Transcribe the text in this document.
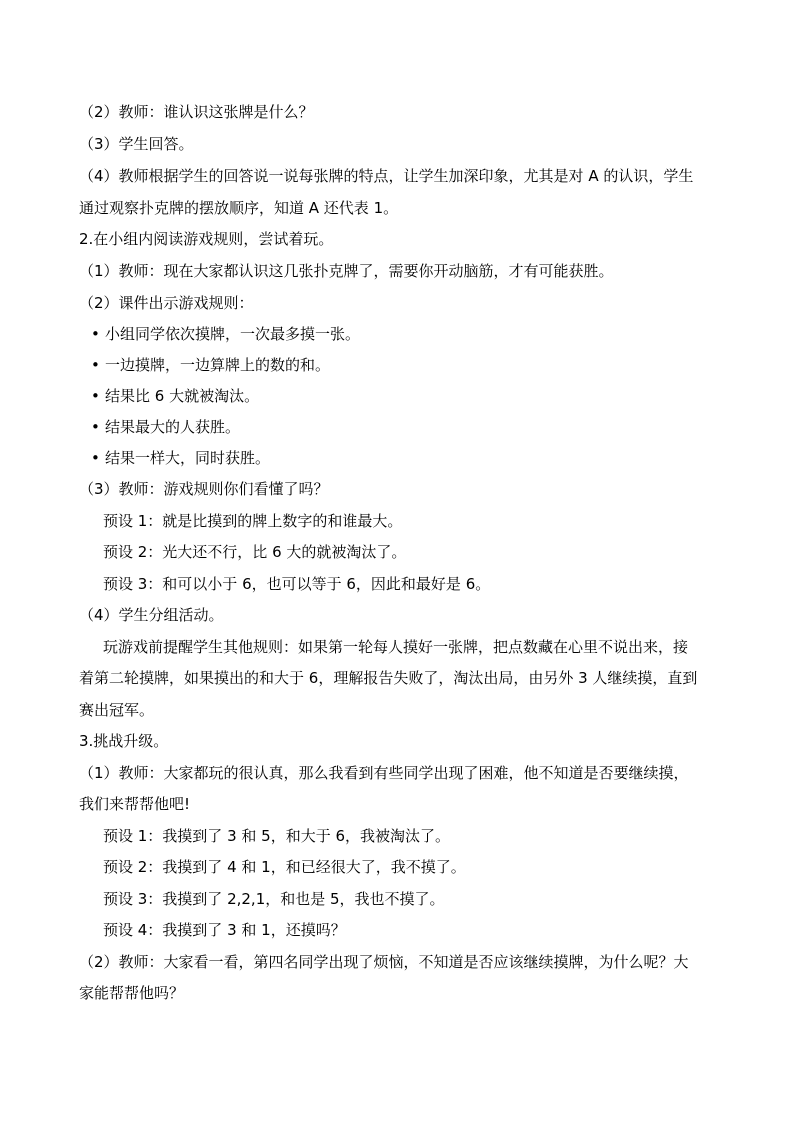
（2）教师：谁认识这张牌是什么？
（3）学生回答。
（4）教师根据学生的回答说一说每张牌的特点，让学生加深印象，尤其是对 A 的认识，学生
通过观察扑克牌的摆放顺序，知道 A 还代表 1。
2.在小组内阅读游戏规则，尝试着玩。
（1）教师：现在大家都认识这几张扑克牌了，需要你开动脑筋，才有可能获胜。
（2）课件出示游戏规则：
• 小组同学依次摸牌，一次最多摸一张。
• 一边摸牌，一边算牌上的数的和。
• 结果比 6 大就被淘汰。
• 结果最大的人获胜。
• 结果一样大，同时获胜。
（3）教师：游戏规则你们看懂了吗？
预设 1：就是比摸到的牌上数字的和谁最大。
预设 2：光大还不行，比 6 大的就被淘汰了。
预设 3：和可以小于 6，也可以等于 6，因此和最好是 6。
（4）学生分组活动。
玩游戏前提醒学生其他规则：如果第一轮每人摸好一张牌，把点数藏在心里不说出来，接
着第二轮摸牌，如果摸出的和大于 6，理解报告失败了，淘汰出局，由另外 3 人继续摸，直到
赛出冠军。
3.挑战升级。
（1）教师：大家都玩的很认真，那么我看到有些同学出现了困难，他不知道是否要继续摸，
我们来帮帮他吧!
预设 1：我摸到了 3 和 5，和大于 6，我被淘汰了。
预设 2：我摸到了 4 和 1，和已经很大了，我不摸了。
预设 3：我摸到了 2,2,1，和也是 5，我也不摸了。
预设 4：我摸到了 3 和 1，还摸吗？
（2）教师：大家看一看，第四名同学出现了烦恼，不知道是否应该继续摸牌，为什么呢？大
家能帮帮他吗？
